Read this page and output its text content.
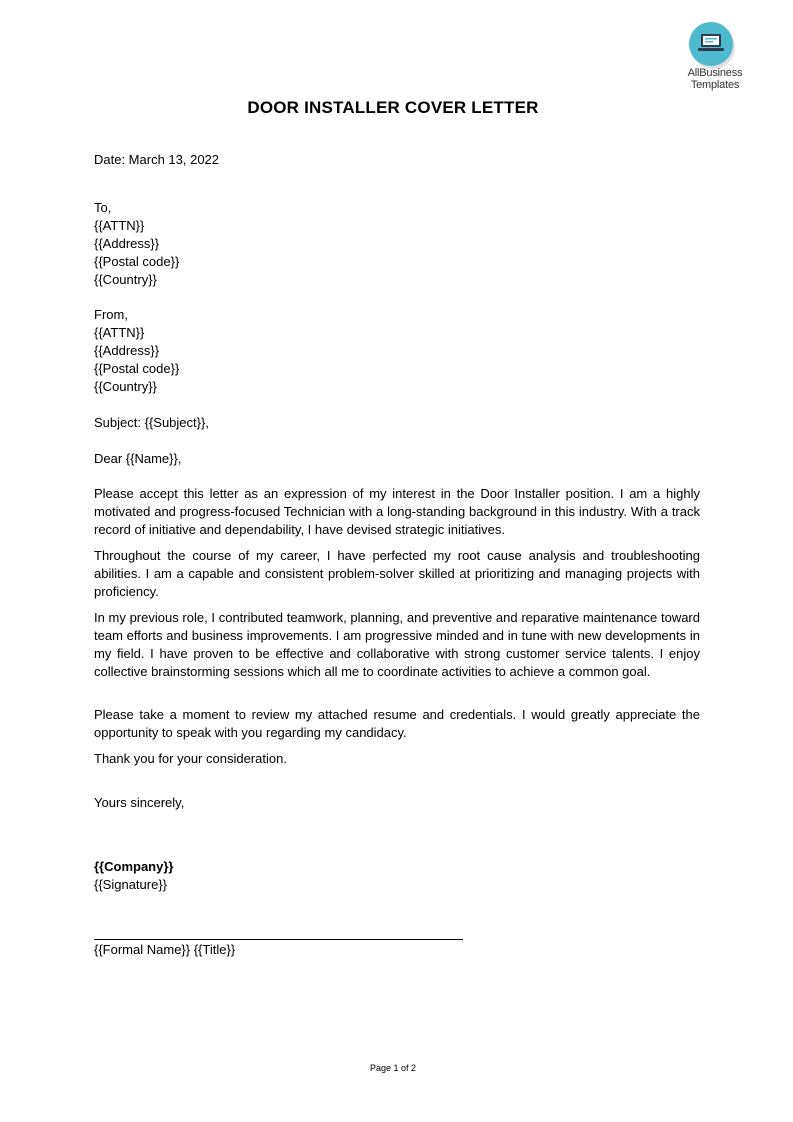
AllBusiness
Templates
DOOR INSTALLER COVER LETTER
Date: March 13, 2022
To,
{{ATTN}}
{{Address}}
{{Postal code}}
{{Country}}
From,
{{ATTN}}
{{Address}}
{{Postal code}}
{{Country}}
Subject: {{Subject}},
Dear {{Name}},
Please accept this letter as an expression of my interest in the Door Installer position. I am a highly motivated and progress-focused Technician with a long-standing background in this industry. With a track record of initiative and dependability, I have devised strategic initiatives.
Throughout the course of my career, I have perfected my root cause analysis and troubleshooting abilities. I am a capable and consistent problem-solver skilled at prioritizing and managing projects with proficiency.
In my previous role, I contributed teamwork, planning, and preventive and reparative maintenance toward team efforts and business improvements. I am progressive minded and in tune with new developments in my field. I have proven to be effective and collaborative with strong customer service talents. I enjoy collective brainstorming sessions which all me to coordinate activities to achieve a common goal.
Please take a moment to review my attached resume and credentials. I would greatly appreciate the opportunity to speak with you regarding my candidacy.
Thank you for your consideration.
Yours sincerely,
{{Company}}
{{Signature}}
{{Formal Name}} {{Title}}
Page 1 of 2
